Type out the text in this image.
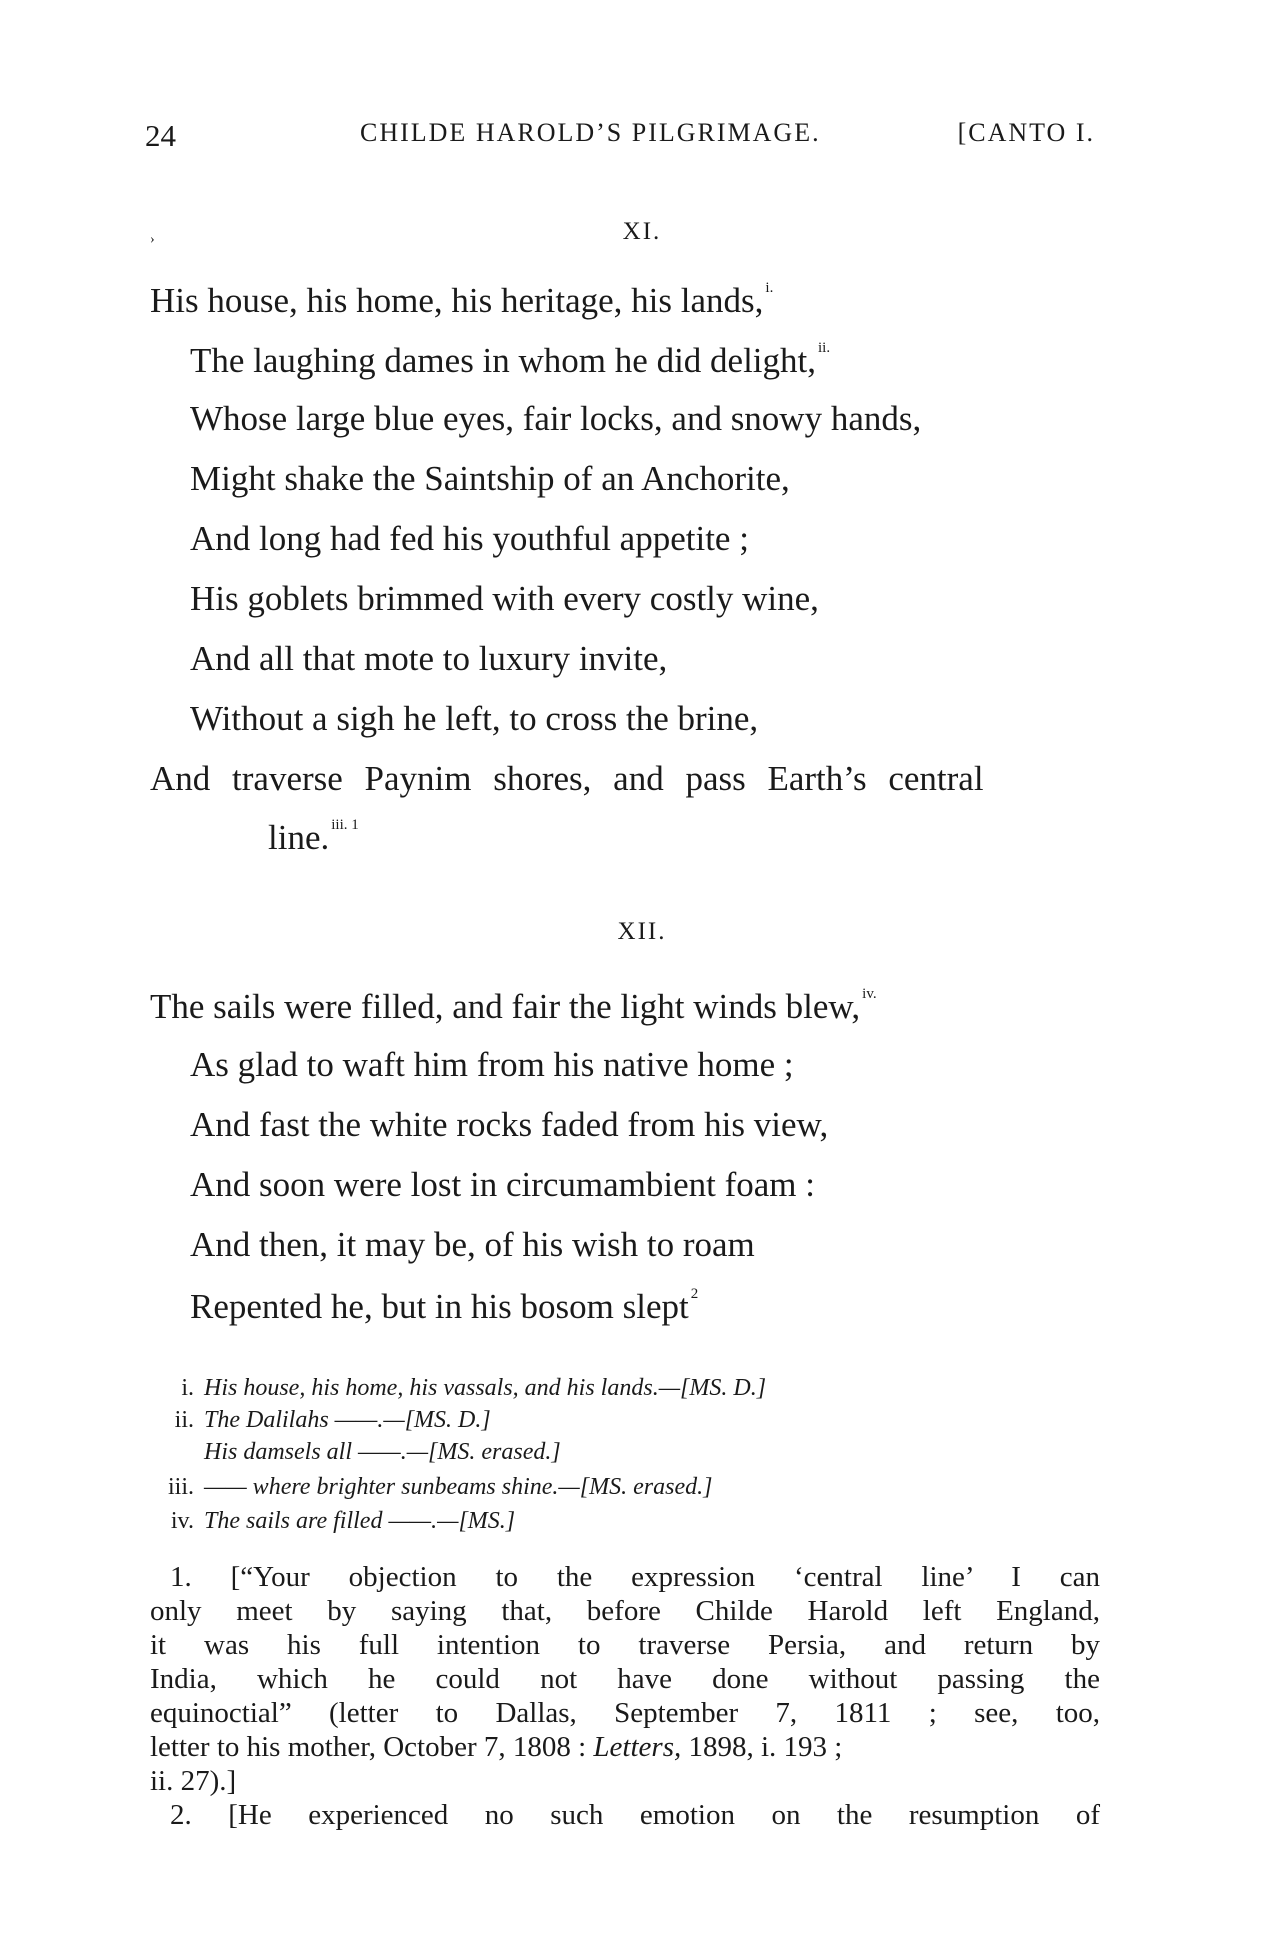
24	CHILDE HAROLD’S PILGRIMAGE.	[CANTO I.
›	XI.
His house, his home, his heritage, his lands, $^{i.}$
The laughing dames in whom he did delight, $^{ii.}$
Whose large blue eyes, fair locks, and snowy hands,
Might shake the Saintship of an Anchorite,
And long had fed his youthful appetite ;
His goblets brimmed with every costly wine,
And all that mote to luxury invite,
Without a sigh he left, to cross the brine,
And traverse Paynim shores, and pass Earth’s central
line. $^{iii. 1}$
XII.
The sails were filled, and fair the light winds blew, $^{iv.}$
As glad to waft him from his native home ;
And fast the white rocks faded from his view,
And soon were lost in circumambient foam :
And then, it may be, of his wish to roam
Repented he, but in his bosom slept $^2$
i. His house, his home, his vassals, and his lands.—[MS. D.]
ii. The Dalilahs ——.—[MS. D.]
His damsels all ——.—[MS. erased.]
iii. —— where brighter sunbeams shine.—[MS. erased.]
iv. The sails are filled ——.—[MS.]
1. [“Your objection to the expression ‘central line’ I can
only meet by saying that, before Childe Harold left England,
it was his full intention to traverse Persia, and return by
India, which he could not have done without passing the
equinoctial” (letter to Dallas, September 7, 1811 ; see, too,
letter to his mother, October 7, 1808 : Letters, 1898, i. 193 ;
ii. 27).]
2. [He experienced no such emotion on the resumption of
